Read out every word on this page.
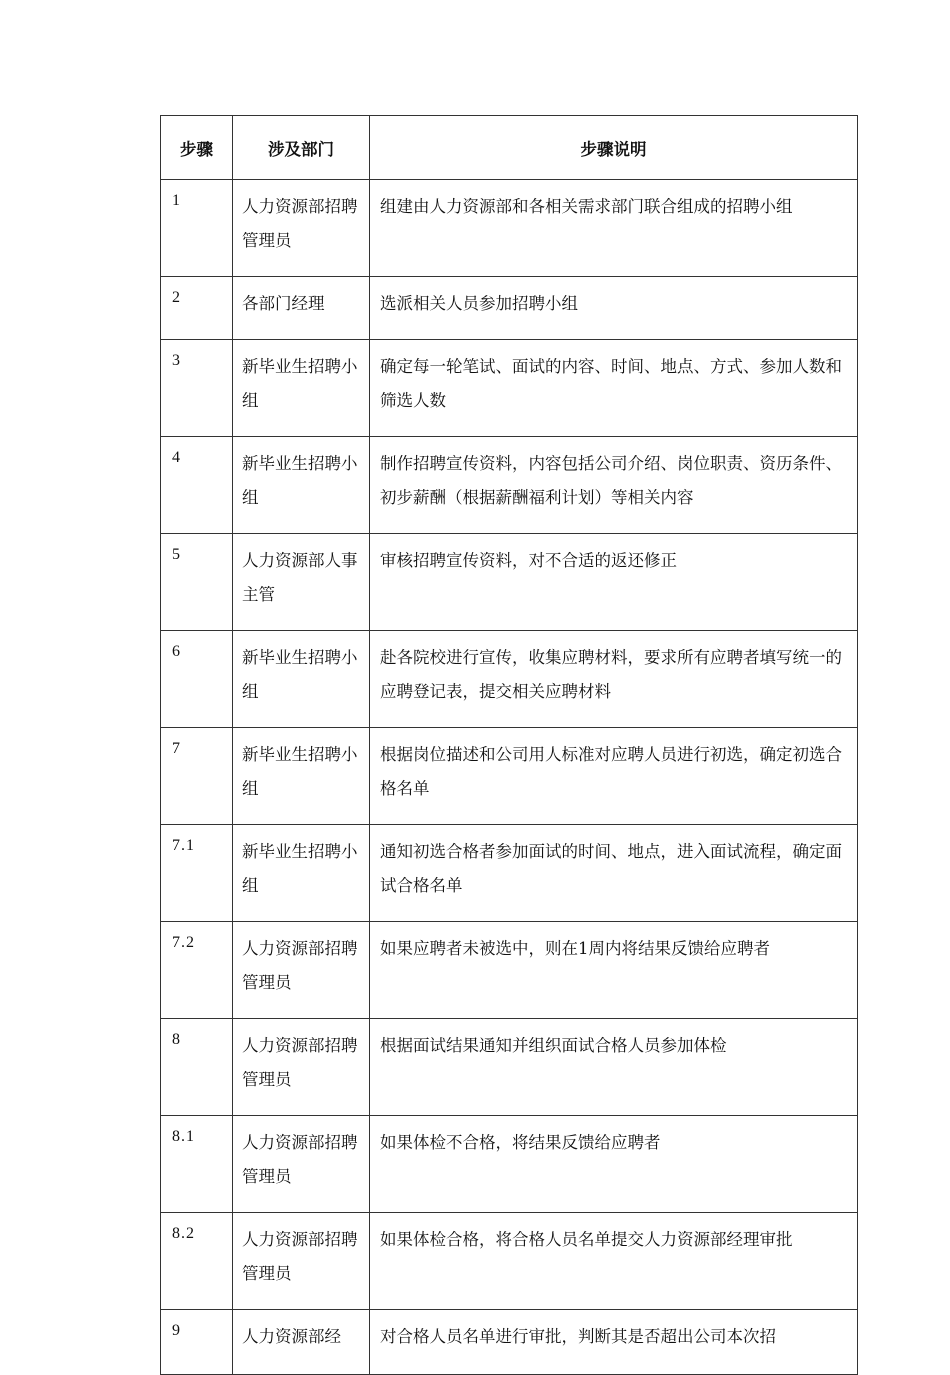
步骤	涉及部门	步骤说明
1	人力资源部招聘管理员	组建由人力资源部和各相关需求部门联合组成的招聘小组
2	各部门经理	选派相关人员参加招聘小组
3	新毕业生招聘小组	确定每一轮笔试、面试的内容、时间、地点、方式、参加人数和筛选人数
4	新毕业生招聘小组	制作招聘宣传资料，内容包括公司介绍、岗位职责、资历条件、初步薪酬（根据薪酬福利计划）等相关内容
5	人力资源部人事主管	审核招聘宣传资料，对不合适的返还修正
6	新毕业生招聘小组	赴各院校进行宣传，收集应聘材料，要求所有应聘者填写统一的应聘登记表，提交相关应聘材料
7	新毕业生招聘小组	根据岗位描述和公司用人标准对应聘人员进行初选，确定初选合格名单
7.1	新毕业生招聘小组	通知初选合格者参加面试的时间、地点，进入面试流程，确定面试合格名单
7.2	人力资源部招聘管理员	如果应聘者未被选中，则在1周内将结果反馈给应聘者
8	人力资源部招聘管理员	根据面试结果通知并组织面试合格人员参加体检
8.1	人力资源部招聘管理员	如果体检不合格，将结果反馈给应聘者
8.2	人力资源部招聘管理员	如果体检合格，将合格人员名单提交人力资源部经理审批
9	人力资源部经	对合格人员名单进行审批，判断其是否超出公司本次招
